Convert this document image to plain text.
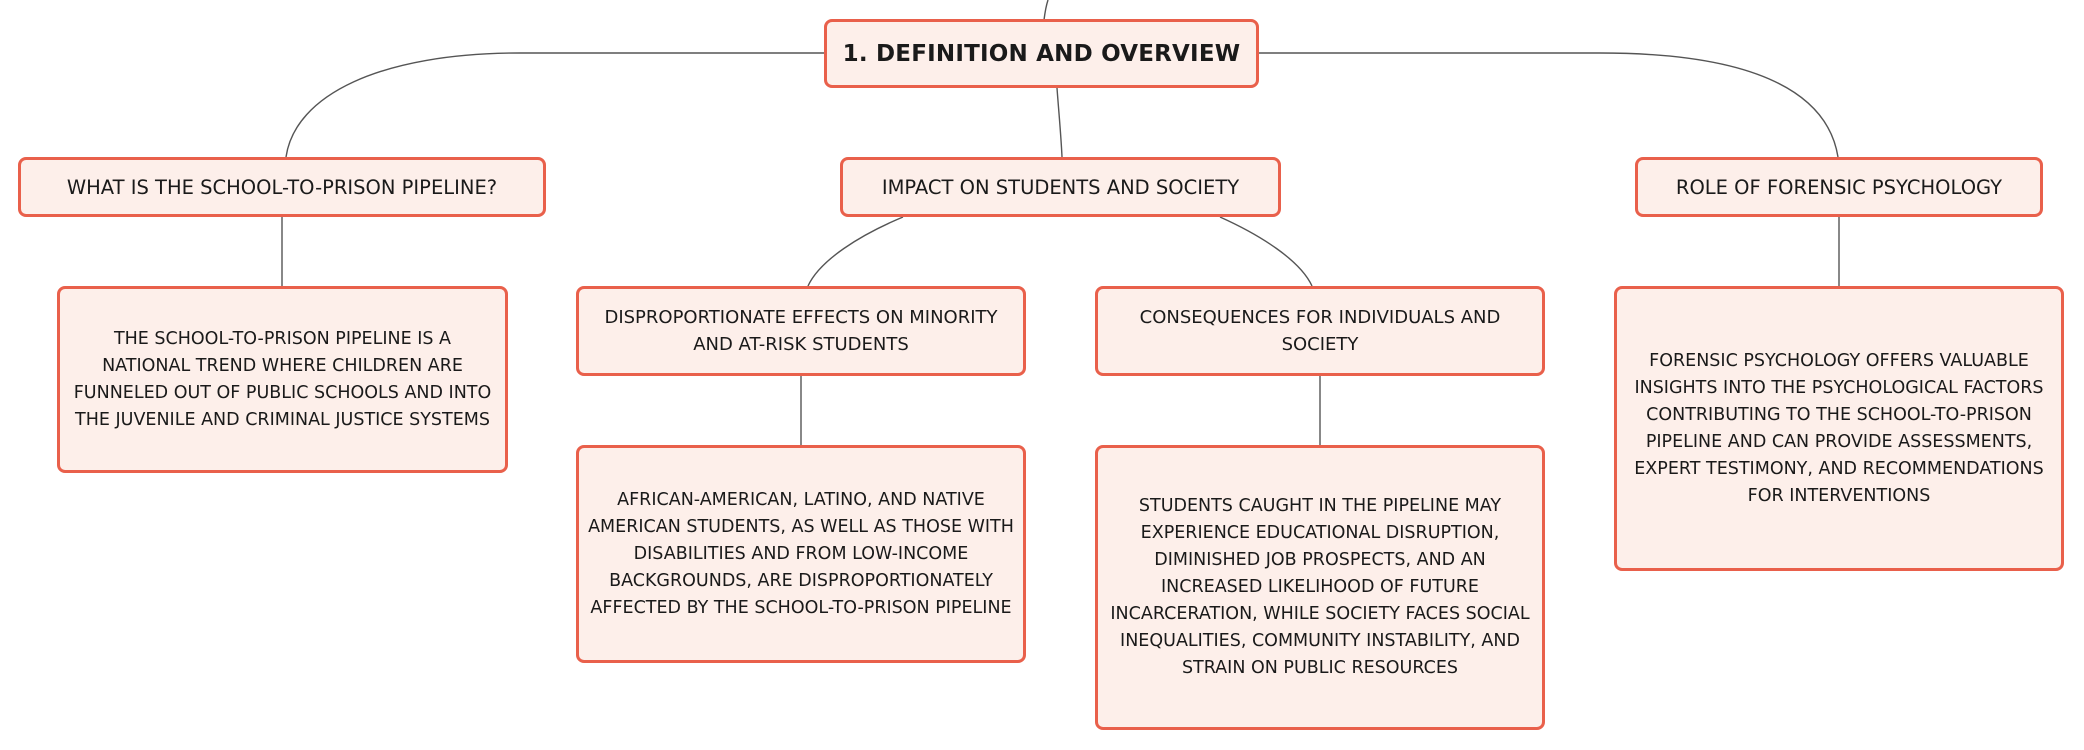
1. DEFINITION AND OVERVIEW
WHAT IS THE SCHOOL-TO-PRISON PIPELINE?	IMPACT ON STUDENTS AND SOCIETY	ROLE OF FORENSIC PSYCHOLOGY
THE SCHOOL-TO-PRISON PIPELINE IS A NATIONAL TREND WHERE CHILDREN ARE FUNNELED OUT OF PUBLIC SCHOOLS AND INTO THE JUVENILE AND CRIMINAL JUSTICE SYSTEMS
DISPROPORTIONATE EFFECTS ON MINORITY AND AT-RISK STUDENTS
CONSEQUENCES FOR INDIVIDUALS AND SOCIETY
AFRICAN-AMERICAN, LATINO, AND NATIVE AMERICAN STUDENTS, AS WELL AS THOSE WITH DISABILITIES AND FROM LOW-INCOME BACKGROUNDS, ARE DISPROPORTIONATELY AFFECTED BY THE SCHOOL-TO-PRISON PIPELINE
STUDENTS CAUGHT IN THE PIPELINE MAY EXPERIENCE EDUCATIONAL DISRUPTION, DIMINISHED JOB PROSPECTS, AND AN INCREASED LIKELIHOOD OF FUTURE INCARCERATION, WHILE SOCIETY FACES SOCIAL INEQUALITIES, COMMUNITY INSTABILITY, AND STRAIN ON PUBLIC RESOURCES
FORENSIC PSYCHOLOGY OFFERS VALUABLE INSIGHTS INTO THE PSYCHOLOGICAL FACTORS CONTRIBUTING TO THE SCHOOL-TO-PRISON PIPELINE AND CAN PROVIDE ASSESSMENTS, EXPERT TESTIMONY, AND RECOMMENDATIONS FOR INTERVENTIONS
